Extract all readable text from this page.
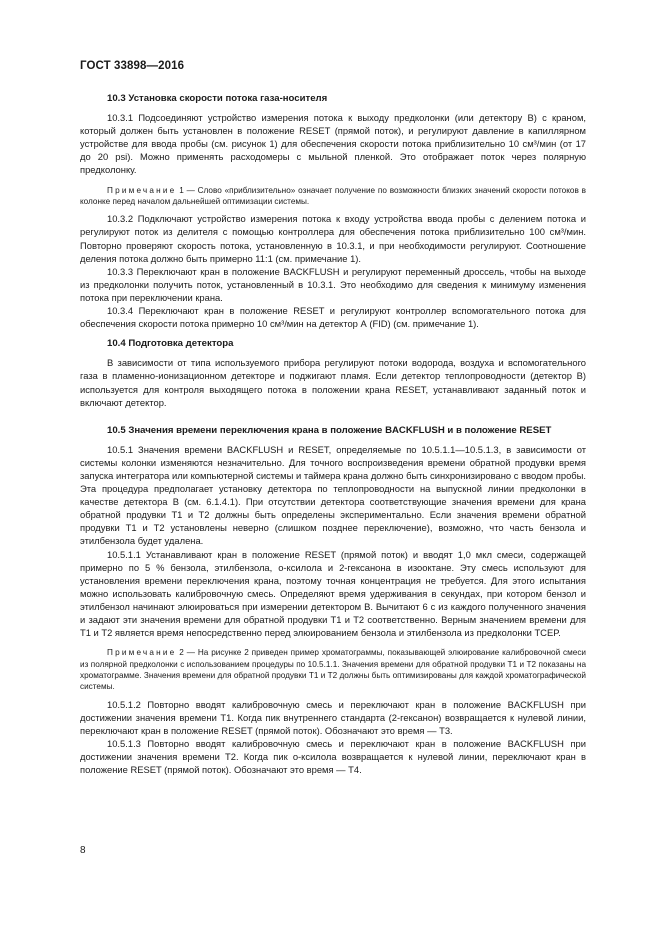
ГОСТ 33898—2016
10.3 Установка скорости потока газа-носителя

10.3.1 Подсоединяют устройство измерения потока к выходу предколонки (или детектору В) с краном, который должен быть установлен в положение RESET (прямой поток), и регулируют давление в капиллярном устройстве для ввода пробы (см. рисунок 1) для обеспечения скорости потока приблизительно 10 см³/мин (от 17 до 20 psi). Можно применять расходомеры с мыльной пленкой. Это отображает поток через полярную предколонку.

Примечание 1 — Слово «приблизительно» означает получение по возможности близких значений скорости потоков в колонке перед началом дальнейшей оптимизации системы.

10.3.2 Подключают устройство измерения потока к входу устройства ввода пробы с делением потока и регулируют поток из делителя с помощью контроллера для обеспечения потока приблизительно 100 см³/мин. Повторно проверяют скорость потока, установленную в 10.3.1, и при необходимости регулируют. Соотношение деления потока должно быть примерно 11:1 (см. примечание 1).

10.3.3 Переключают кран в положение BACKFLUSH и регулируют переменный дроссель, чтобы на выходе из предколонки получить поток, установленный в 10.3.1. Это необходимо для сведения к минимуму изменения потока при переключении крана.

10.3.4 Переключают кран в положение RESET и регулируют контроллер вспомогательного потока для обеспечения скорости потока примерно 10 см³/мин на детектор А (FID) (см. примечание 1).

10.4 Подготовка детектора

В зависимости от типа используемого прибора регулируют потоки водорода, воздуха и вспомогательного газа в пламенно-ионизационном детекторе и поджигают пламя. Если детектор теплопроводности (детектор В) используется для контроля выходящего потока в положении крана RESET, устанавливают заданный поток и включают детектор.

10.5 Значения времени переключения крана в положение BACKFLUSH и в положение RESET

10.5.1 Значения времени BACKFLUSH и RESET, определяемые по 10.5.1.1—10.5.1.3, в зависимости от системы колонки изменяются незначительно. Для точного воспроизведения времени обратной продувки время запуска интегратора или компьютерной системы и таймера крана должно быть синхронизировано с вводом пробы. Эта процедура предполагает установку детектора по теплопроводности на выпускной линии предколонки в качестве детектора В (см. 6.1.4.1). При отсутствии детектора соответствующие значения времени для крана обратной продувки Т1 и Т2 должны быть определены экспериментально. Если значения времени обратной продувки Т1 и Т2 установлены неверно (слишком позднее переключение), возможно, что часть бензола и этилбензола будет удалена.

10.5.1.1 Устанавливают кран в положение RESET (прямой поток) и вводят 1,0 мкл смеси, содержащей примерно по 5 % бензола, этилбензола, о-ксилола и 2-гексанона в изооктане. Эту смесь используют для установления времени переключения крана, поэтому точная концентрация не требуется. Для этого испытания можно использовать калибровочную смесь. Определяют время удерживания в секундах, при котором бензол и этилбензол начинают элюироваться при измерении детектором В. Вычитают 6 с из каждого полученного значения и задают эти значения времени для обратной продувки Т1 и Т2 соответственно. Верным значением времени для Т1 и Т2 является время непосредственно перед элюированием бензола и этилбензола из предколонки TCEP.

Примечание 2 — На рисунке 2 приведен пример хроматограммы, показывающей элюирование калибровочной смеси из полярной предколонки с использованием процедуры по 10.5.1.1. Значения времени для обратной продувки Т1 и Т2 показаны на хроматограмме. Значения времени для обратной продувки Т1 и Т2 должны быть оптимизированы для каждой хроматографической системы.

10.5.1.2 Повторно вводят калибровочную смесь и переключают кран в положение BACKFLUSH при достижении значения времени Т1. Когда пик внутреннего стандарта (2-гексанон) возвращается к нулевой линии, переключают кран в положение RESET (прямой поток). Обозначают это время — Т3.

10.5.1.3 Повторно вводят калибровочную смесь и переключают кран в положение BACKFLUSH при достижении значения времени Т2. Когда пик о-ксилола возвращается к нулевой линии, переключают кран в положение RESET (прямой поток). Обозначают это время — Т4.

8
